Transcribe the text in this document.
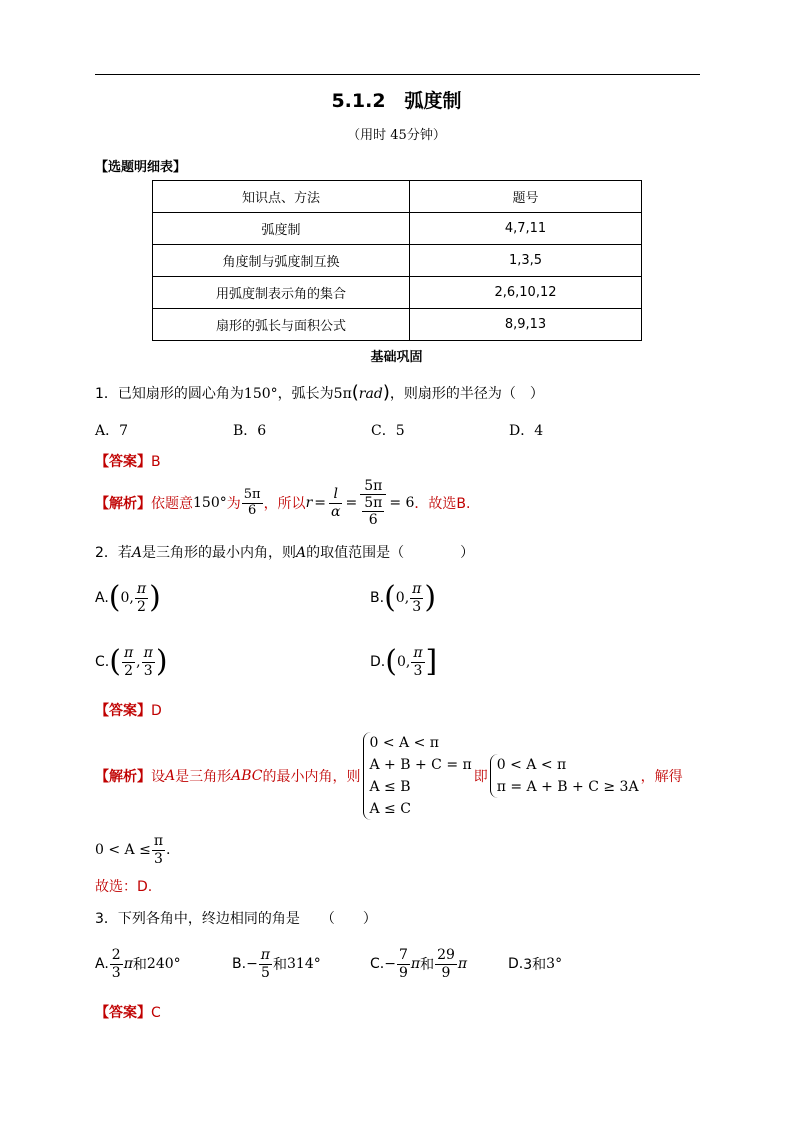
5.1.2　弧度制
（用时 45分钟）
【选题明细表】
知识点、方法	题号
弧度制	4,7,11
角度制与弧度制互换	1,3,5
用弧度制表示角的集合	2,6,10,12
扇形的弧长与面积公式	8,9,13
基础巩固
1．已知扇形的圆心角为150°，弧长为5π(rad)，则扇形的半径为（　）
A．7	B．6	C．5	D．4
【答案】B
【解析】 依题意 150° 为 $\frac{5\pi}{6}$ ，所以 $r = \frac{l}{\alpha} = \frac{5\pi}{\frac{5\pi}{6}} = 6$ ．故选B.
2．若A是三角形的最小内角，则A的取值范围是（　　　　）
A. ( 0, $\frac{\pi}{2}$ )	B. ( 0, $\frac{\pi}{3}$ )
C. ( $\frac{\pi}{2}$ , $\frac{\pi}{3}$ )	D. ( 0, $\frac{\pi}{3}$ ]
【答案】D
【解析】 设 A 是三角形 ABC 的最小内角，则
0 < A < π
A + B + C = π
A ≤ B
A ≤ C
即
0 < A < π
π = A + B + C ≥ 3A
，解得
$0 < A \le \frac{\pi}{3}$ .
故选：D.
3．下列各角中，终边相同的角是　　（　　）
A. $\frac{2}{3}$ π 和 240°	B. − $\frac{\pi}{5}$ 和 314°	C. − $\frac{7}{9}$ π 和 $\frac{29}{9}$ π	D. 3和 3°
【答案】C
